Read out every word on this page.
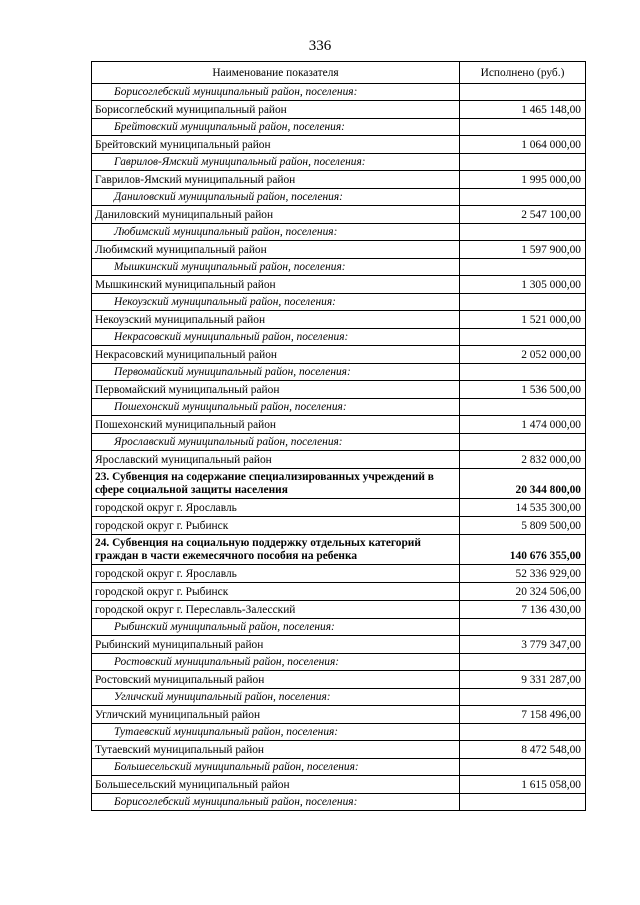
336
Наименование показателя	Исполнено (руб.)
Борисоглебский муниципальный район, поселения:	
Борисоглебский муниципальный район	1 465 148,00
Брейтовский муниципальный район, поселения:	
Брейтовский муниципальный район	1 064 000,00
Гаврилов-Ямский муниципальный район, поселения:	
Гаврилов-Ямский муниципальный район	1 995 000,00
Даниловский муниципальный район, поселения:	
Даниловский муниципальный район	2 547 100,00
Любимский муниципальный район, поселения:	
Любимский муниципальный район	1 597 900,00
Мышкинский муниципальный район, поселения:	
Мышкинский муниципальный район	1 305 000,00
Некоузский муниципальный район, поселения:	
Некоузский муниципальный район	1 521 000,00
Некрасовский муниципальный район, поселения:	
Некрасовский муниципальный район	2 052 000,00
Первомайский муниципальный район, поселения:	
Первомайский муниципальный район	1 536 500,00
Пошехонский муниципальный район, поселения:	
Пошехонский муниципальный район	1 474 000,00
Ярославский муниципальный район, поселения:	
Ярославский муниципальный район	2 832 000,00
23. Субвенция на содержание специализированных учреждений в сфере социальной защиты населения	20 344 800,00
городской округ г. Ярославль	14 535 300,00
городской округ г. Рыбинск	5 809 500,00
24. Субвенция на социальную поддержку отдельных категорий граждан в части ежемесячного пособия на ребенка	140 676 355,00
городской округ г. Ярославль	52 336 929,00
городской округ г. Рыбинск	20 324 506,00
городской округ г. Переславль-Залесский	7 136 430,00
Рыбинский муниципальный район, поселения:	
Рыбинский муниципальный район	3 779 347,00
Ростовский муниципальный район, поселения:	
Ростовский муниципальный район	9 331 287,00
Угличский муниципальный район, поселения:	
Угличский муниципальный район	7 158 496,00
Тутаевский муниципальный район, поселения:	
Тутаевский муниципальный район	8 472 548,00
Большесельский муниципальный район, поселения:	
Большесельский муниципальный район	1 615 058,00
Борисоглебский муниципальный район, поселения:	
